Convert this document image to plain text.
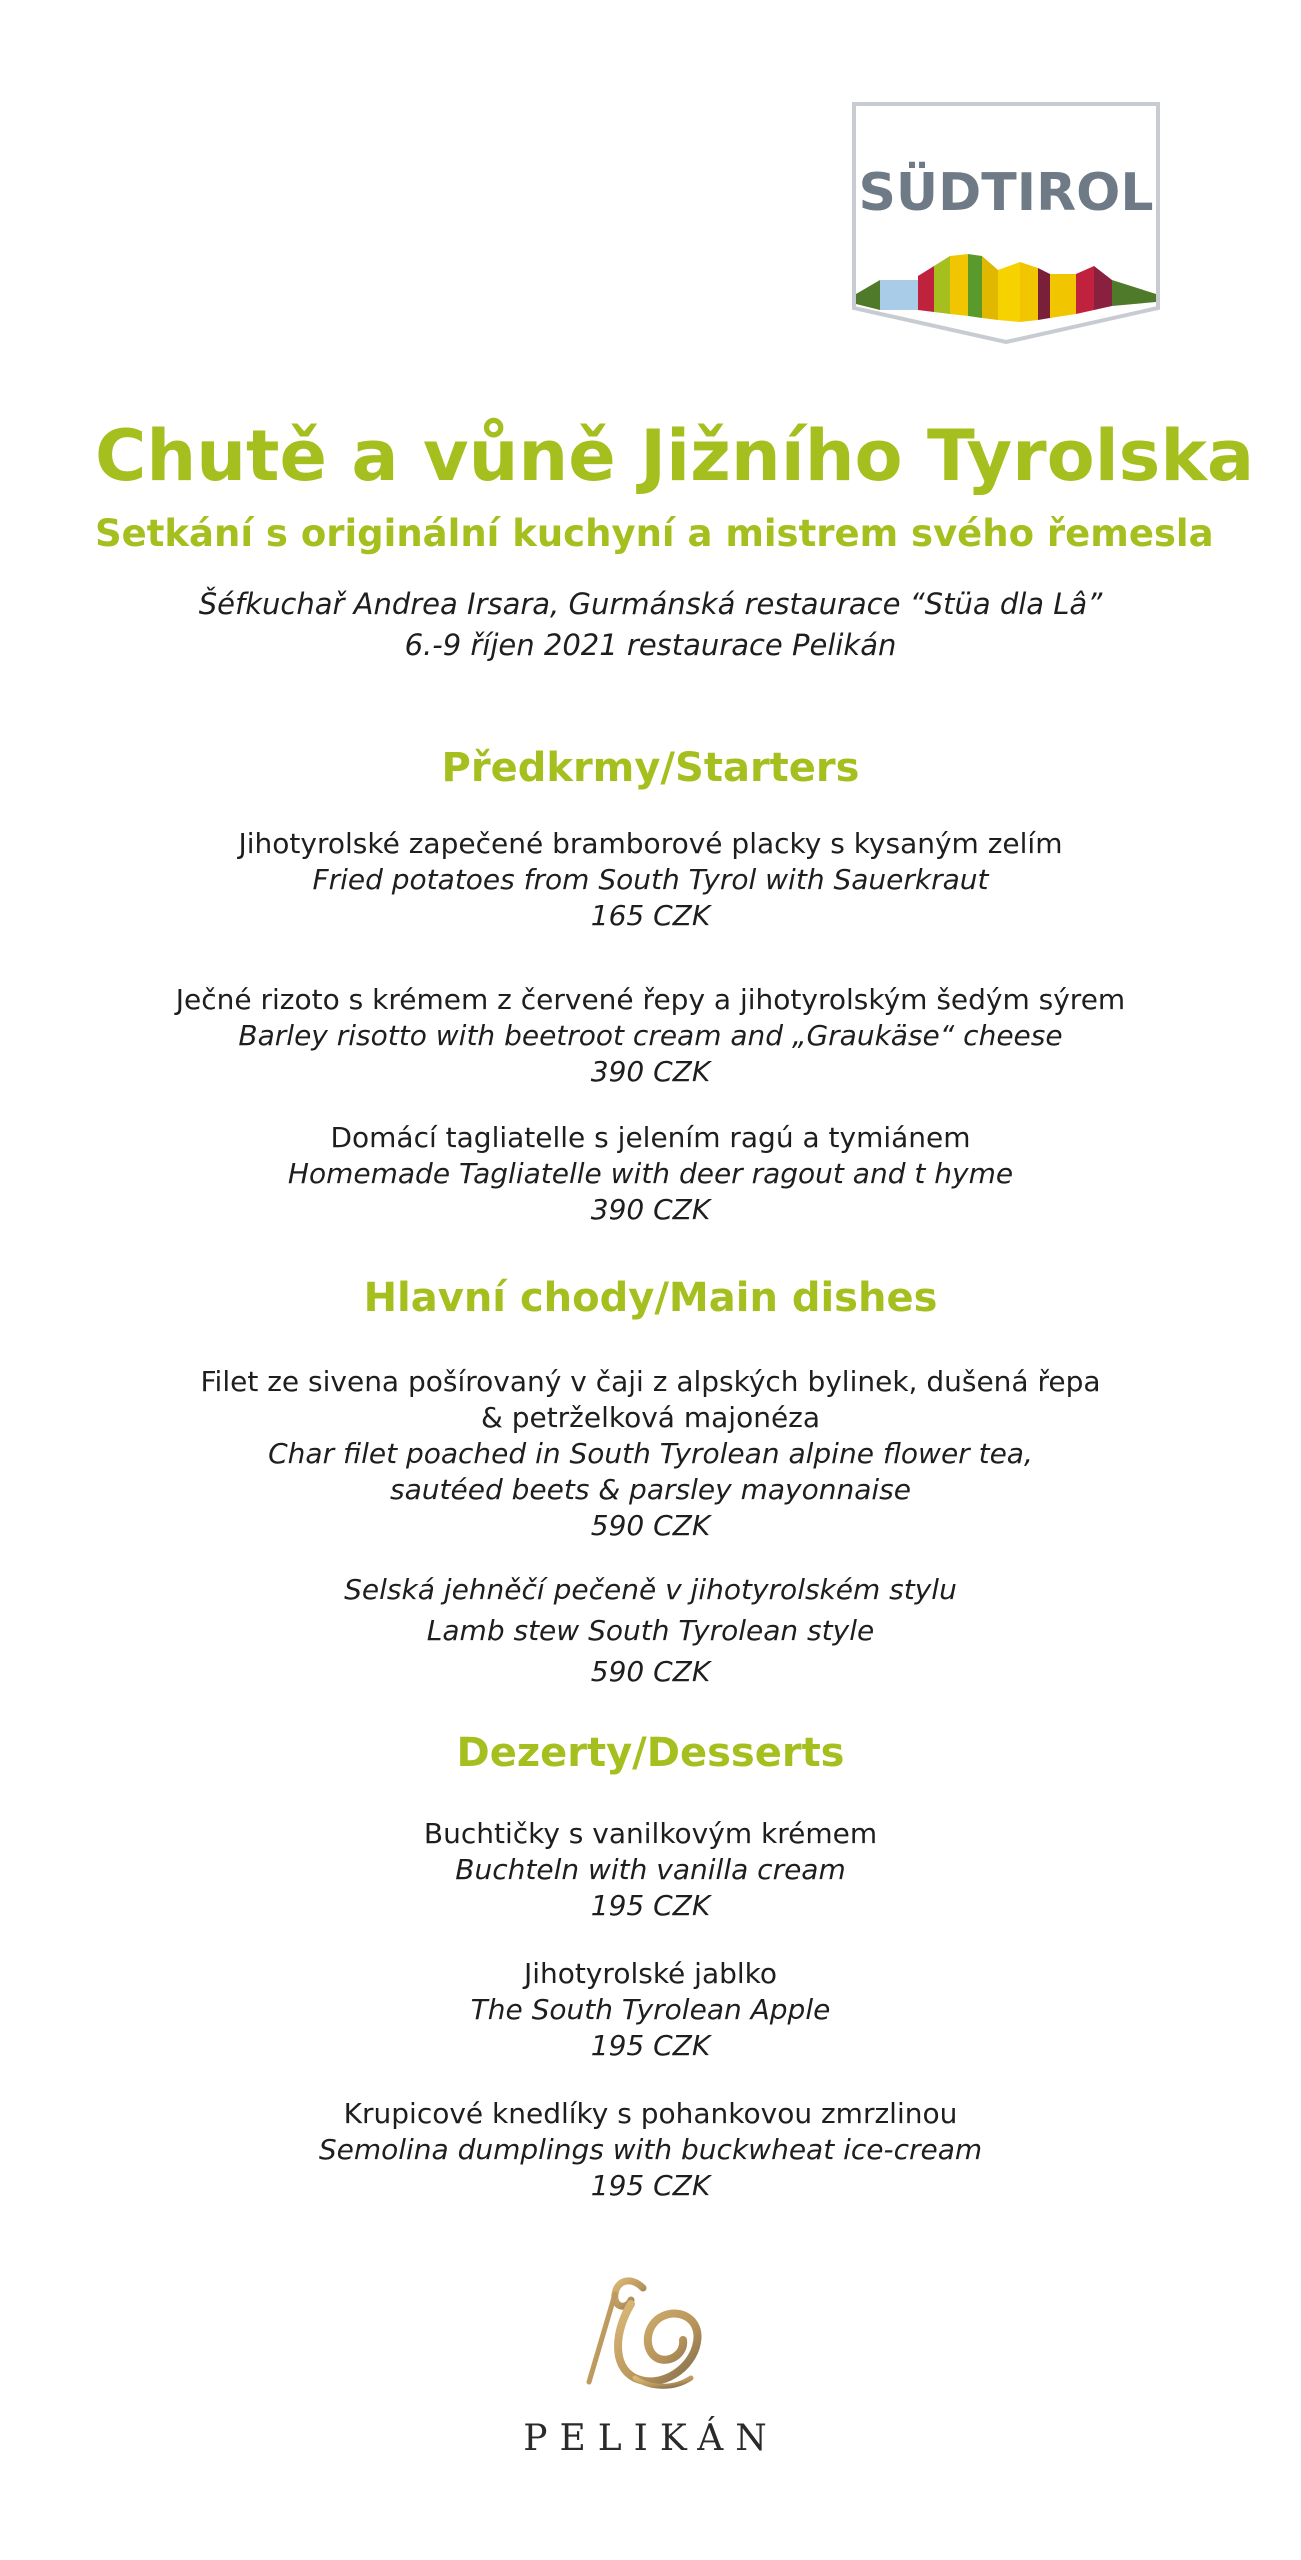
SÜDTIROL
Chutě a vůně Jižního Tyrolska
Setkání s originální kuchyní a mistrem svého řemesla
Šéfkuchař Andrea Irsara, Gurmánská restaurace “Stüa dla Lâ”
6.-9 říjen 2021 restaurace Pelikán
Předkrmy/Starters
Jihotyrolské zapečené bramborové placky s kysaným zelím
Fried potatoes from South Tyrol with Sauerkraut
165 CZK
Ječné rizoto s krémem z červené řepy a jihotyrolským šedým sýrem
Barley risotto with beetroot cream and „Graukäse“ cheese
390 CZK
Domácí tagliatelle s jelením ragú a tymiánem
Homemade Tagliatelle with deer ragout and t hyme
390 CZK
Hlavní chody/Main dishes
Filet ze sivena pošírovaný v čaji z alpských bylinek, dušená řepa
& petrželková majonéza
Char filet poached in South Tyrolean alpine flower tea,
sautéed beets & parsley mayonnaise
590 CZK
Selská jehněčí pečeně v jihotyrolském stylu
Lamb stew South Tyrolean style
590 CZK
Dezerty/Desserts
Buchtičky s vanilkovým krémem
Buchteln with vanilla cream
195 CZK
Jihotyrolské jablko
The South Tyrolean Apple
195 CZK
Krupicové knedlíky s pohankovou zmrzlinou
Semolina dumplings with buckwheat ice-cream
195 CZK
PELIKÁN
